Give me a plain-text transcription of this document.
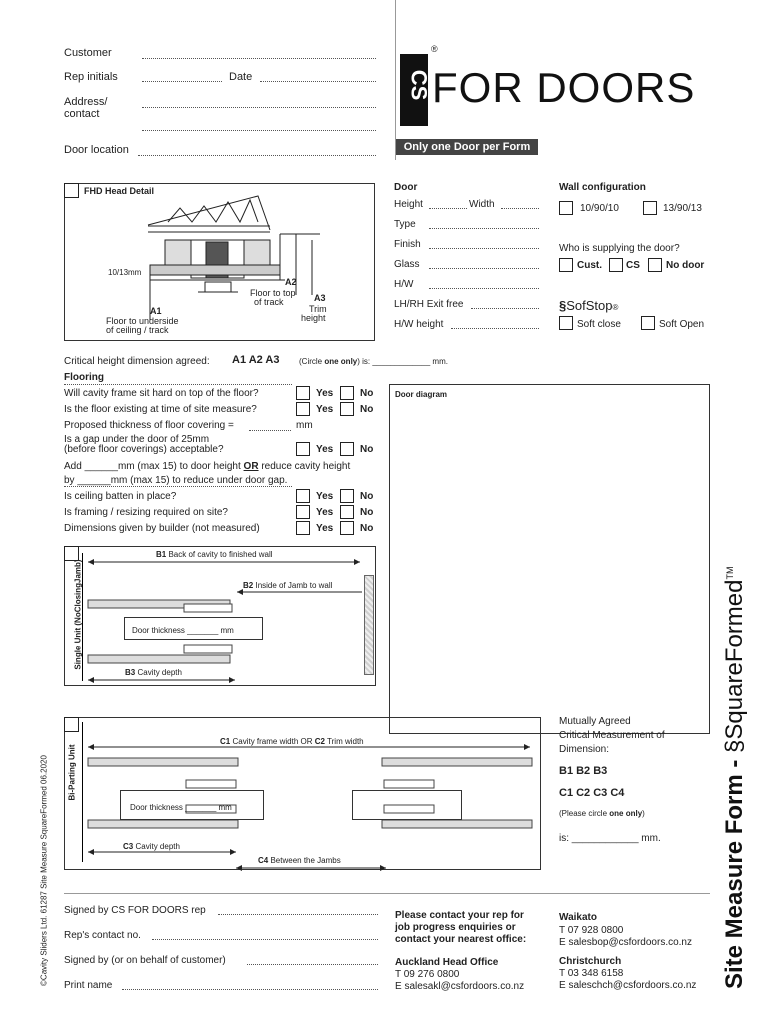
Customer
Rep initials	Date
Address/
contact
Door location
CS FOR DOORS
®
Only one Door per Form
FHD Head Detail
10/13mm
A2
Floor to top
of track	A3
Trim
height
A1
Floor to underside
of ceiling / track
Door
Height	Width
Type
Finish
Glass
H/W
LH/RH Exit free
H/W height
Wall configuration
10/90/10	13/90/13
Who is supplying the door?
Cust. CS	No door
§SofStop®
Soft close	Soft Open
Critical height dimension agreed: A1 A2 A3 (Circle one only) is: _____________ mm.
Flooring
Will cavity frame sit hard on top of the floor?	Yes	No
Is the floor existing at time of site measure?	Yes	No
Proposed thickness of floor covering =	mm
Is a gap under the door of 25mm
(before floor coverings) acceptable?	Yes	No
Add ______mm (max 15) to door height OR reduce cavity height
by ______mm (max 15) to reduce under door gap.
Is ceiling batten in place?	Yes	No
Is framing / resizing required on site?	Yes	No
Dimensions given by builder (not measured)	Yes	No
Door diagram
Single Unit (NoClosingJamb)
B1 Back of cavity to finished wall
B2 Inside of Jamb to wall
Door thickness _______ mm
B3 Cavity depth
Bi-Parting Unit
C1 Cavity frame width OR C2 Trim width
Door thickness _______ mm
C3 Cavity depth
C4 Between the Jambs
Mutually Agreed
Critical Measurement of
Dimension:
B1 B2 B3
C1 C2 C3 C4
(Please circle one only)
is: ____________ mm.
Signed by CS FOR DOORS rep
Rep's contact no.
Signed by (or on behalf of customer)
Print name
Please contact your rep for
job progress enquiries or
contact your nearest office:
Auckland Head Office
T 09 276 0800
E salesakl@csfordoors.co.nz
Waikato
T 07 928 0800
E salesbop@csfordoors.co.nz
Christchurch
T 03 348 6158
E saleschch@csfordoors.co.nz Site Measure Form - §SquareFormed™
©Cavity Sliders Ltd. 61287 Site Measure SquareFormed 06.2020
